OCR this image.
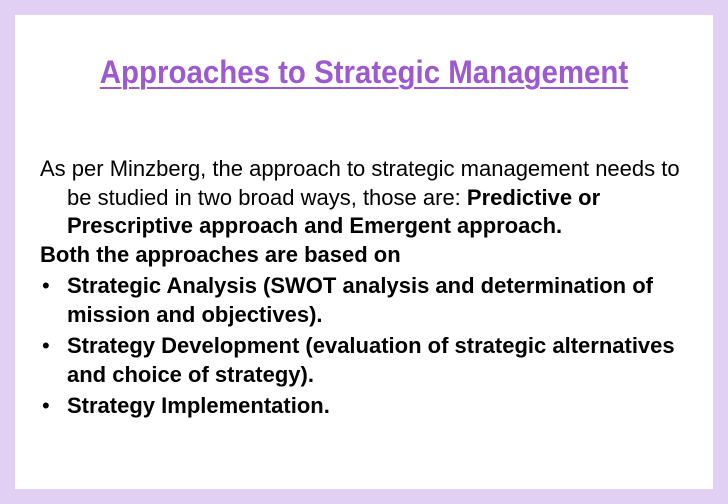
Approaches to Strategic Management

As per Minzberg, the approach to strategic management needs to be studied in two broad ways, those are: Predictive or Prescriptive approach and Emergent approach.

Both the approaches are based on

• Strategic Analysis (SWOT analysis and determination of mission and objectives).
• Strategy Development (evaluation of strategic alternatives and choice of strategy).
• Strategy Implementation.
